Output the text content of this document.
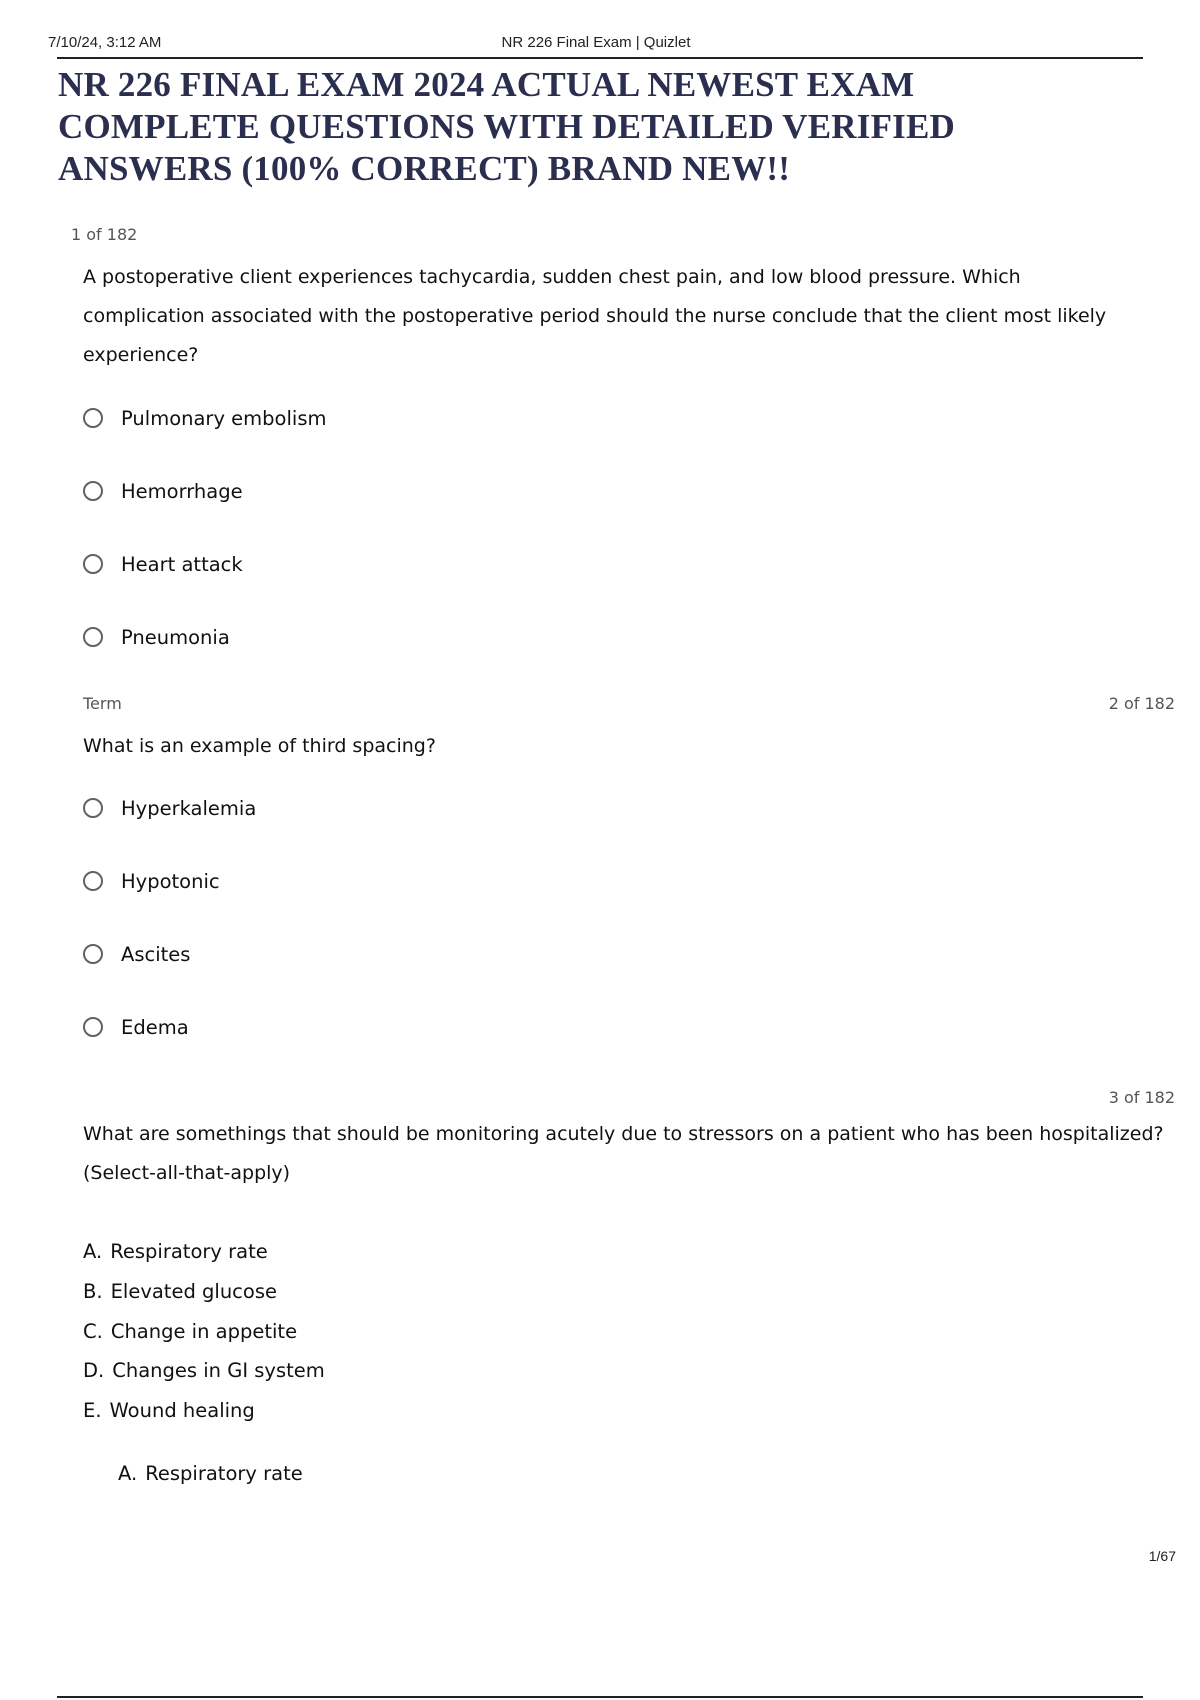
7/10/24, 3:12 AM	NR 226 Final Exam | Quizlet
NR 226 FINAL EXAM 2024 ACTUAL NEWEST EXAM
COMPLETE QUESTIONS WITH DETAILED VERIFIED
ANSWERS (100% CORRECT) BRAND NEW!!
1 of 182

A postoperative client experiences tachycardia, sudden chest pain, and low blood pressure. Which
complication associated with the postoperative period should the nurse conclude that the client most likely
experience?

Pulmonary embolism
Hemorrhage
Heart attack
Pneumonia
Term	2 of 182

What is an example of third spacing?

Hyperkalemia
Hypotonic
Ascites
Edema
3 of 182

What are somethings that should be monitoring acutely due to stressors on a patient who has been hospitalized?
(Select-all-that-apply)

A. Respiratory rate
B. Elevated glucose
C. Change in appetite
D. Changes in GI system
E. Wound healing
A. Respiratory rate
1/67
